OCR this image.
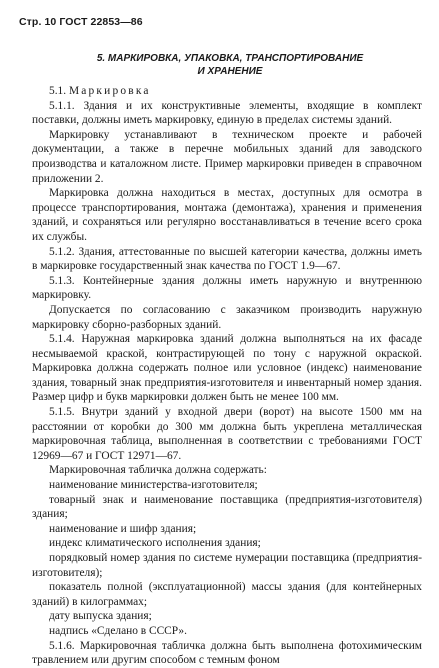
Стр. 10 ГОСТ 22853—86
5. МАРКИРОВКА, УПАКОВКА, ТРАНСПОРТИРОВАНИЕ
И ХРАНЕНИЕ

5.1. Маркировка

5.1.1. Здания и их конструктивные элементы, входящие в комплект поставки, должны иметь маркировку, единую в пределах системы зданий.

Маркировку устанавливают в техническом проекте и рабочей документации, а также в перечне мобильных зданий для заводского производства и каталожном листе. Пример маркировки приведен в справочном приложении 2.

Маркировка должна находиться в местах, доступных для осмотра в процессе транспортирования, монтажа (демонтажа), хранения и применения зданий, и сохраняться или регулярно восстанавливаться в течение всего срока их службы.

5.1.2. Здания, аттестованные по высшей категории качества, должны иметь в маркировке государственный знак качества по ГОСТ 1.9—67.

5.1.3. Контейнерные здания должны иметь наружную и внутреннюю маркировку.

Допускается по согласованию с заказчиком производить наружную маркировку сборно-разборных зданий.

5.1.4. Наружная маркировка зданий должна выполняться на их фасаде несмываемой краской, контрастирующей по тону с наружной окраской. Маркировка должна содержать полное или условное (индекс) наименование здания, товарный знак предприятия-изготовителя и инвентарный номер здания. Размер цифр и букв маркировки должен быть не менее 100 мм.

5.1.5. Внутри зданий у входной двери (ворот) на высоте 1500 мм на расстоянии от коробки до 300 мм должна быть укреплена металлическая маркировочная таблица, выполненная в соответствии с требованиями ГОСТ 12969—67 и ГОСТ 12971—67.

Маркировочная табличка должна содержать:

наименование министерства-изготовителя;

товарный знак и наименование поставщика (предприятия-изготовителя) здания;

наименование и шифр здания;

индекс климатического исполнения здания;

порядковый номер здания по системе нумерации поставщика (предприятия-изготовителя);

показатель полной (эксплуатационной) массы здания (для контейнерных зданий) в килограммах;

дату выпуска здания;

надпись «Сделано в СССР».

5.1.6. Маркировочная табличка должна быть выполнена фотохимическим травлением или другим способом с темным фоном
